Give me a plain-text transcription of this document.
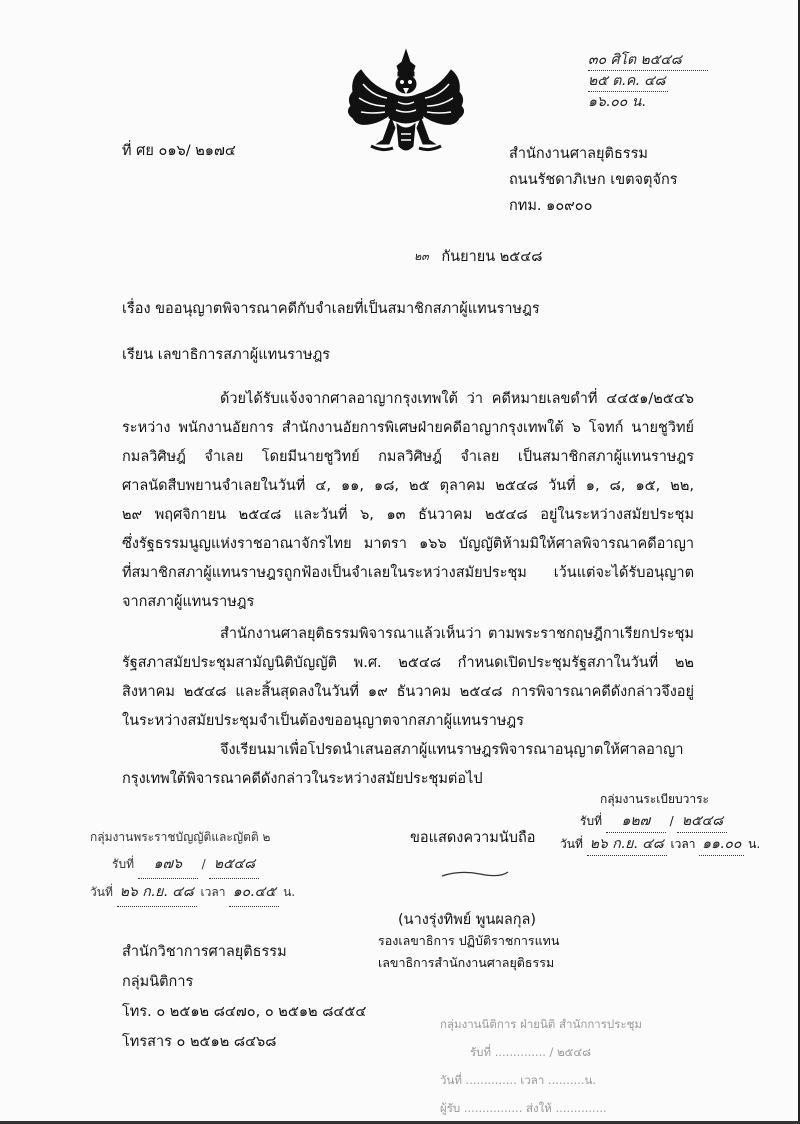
๓๐ ศิโต ๒๕๔๘
๒๕ ต.ค. ๔๘
๑๖.๐๐ น.
ที่ ศย ๐๑๖/ ๒๑๗๔	สำนักงานศาลยุติธรรม
ถนนรัชดาภิเษก เขตจตุจักร
กทม. ๑๐๙๐๐
$^{๒๓}$ กันยายน ๒๕๔๘
เรื่อง ขออนุญาตพิจารณาคดีกับจำเลยที่เป็นสมาชิกสภาผู้แทนราษฎร
เรียน เลขาธิการสภาผู้แทนราษฎร
ด้วยได้รับแจ้งจากศาลอาญากรุงเทพใต้ ว่า คดีหมายเลขดำที่ ๔๔๕๑/๒๕๔๖
ระหว่าง พนักงานอัยการ สำนักงานอัยการพิเศษฝ่ายคดีอาญากรุงเทพใต้ ๖ โจทก์ นายชูวิทย์
กมลวิศิษฎ์ จำเลย โดยมีนายชูวิทย์ กมลวิศิษฎ์ จำเลย เป็นสมาชิกสภาผู้แทนราษฎร
ศาลนัดสืบพยานจำเลยในวันที่ ๔, ๑๑, ๑๘, ๒๕ ตุลาคม ๒๕๔๘ วันที่ ๑, ๘, ๑๕, ๒๒,
๒๙ พฤศจิกายน ๒๕๔๘ และวันที่ ๖, ๑๓ ธันวาคม ๒๕๔๘ อยู่ในระหว่างสมัยประชุม
ซึ่งรัฐธรรมนูญแห่งราชอาณาจักรไทย มาตรา ๑๖๖ บัญญัติห้ามมิให้ศาลพิจารณาคดีอาญา
ที่สมาชิกสภาผู้แทนราษฎรถูกฟ้องเป็นจำเลยในระหว่างสมัยประชุม เว้นแต่จะได้รับอนุญาต
จากสภาผู้แทนราษฎร
สำนักงานศาลยุติธรรมพิจารณาแล้วเห็นว่า ตามพระราชกฤษฎีกาเรียกประชุม
รัฐสภาสมัยประชุมสามัญนิติบัญญัติ พ.ศ. ๒๕๔๘ กำหนดเปิดประชุมรัฐสภาในวันที่ ๒๒
สิงหาคม ๒๕๔๘ และสิ้นสุดลงในวันที่ ๑๙ ธันวาคม ๒๕๔๘ การพิจารณาคดีดังกล่าวจึงอยู่
ในระหว่างสมัยประชุมจำเป็นต้องขออนุญาตจากสภาผู้แทนราษฎร
จึงเรียนมาเพื่อโปรดนำเสนอสภาผู้แทนราษฎรพิจารณาอนุญาตให้ศาลอาญา
กรุงเทพใต้พิจารณาคดีดังกล่าวในระหว่างสมัยประชุมต่อไป
กลุ่มงานระเบียบวาระ
รับที่ ๑๒๗ / ๒๕๔๘
วันที่ ๒๖ ก.ย. ๔๘ เวลา ๑๑.๐๐ น.
กลุ่มงานพระราชบัญญัติและญัตติ ๒
รับที่ ๑๗๖ / ๒๕๔๘
วันที่ ๒๖ ก.ย. ๔๘ เวลา ๑๐.๔๕ น.
ขอแสดงความนับถือ
(นางรุ่งทิพย์ พูนผลกุล)
รองเลขาธิการ ปฏิบัติราชการแทน
เลขาธิการสำนักงานศาลยุติธรรม
สำนักวิชาการศาลยุติธรรม
กลุ่มนิติการ
โทร. ๐ ๒๕๑๒ ๘๔๗๐, ๐ ๒๕๑๒ ๘๔๕๔
โทรสาร ๐ ๒๕๑๒ ๘๔๖๘
กลุ่มงานนิติการ ฝ่ายนิติ สำนักการประชุม
รับที่ .............. / ๒๕๔๘
วันที่ .............. เวลา ..........น.
ผู้รับ ................ ส่งให้ ..............
